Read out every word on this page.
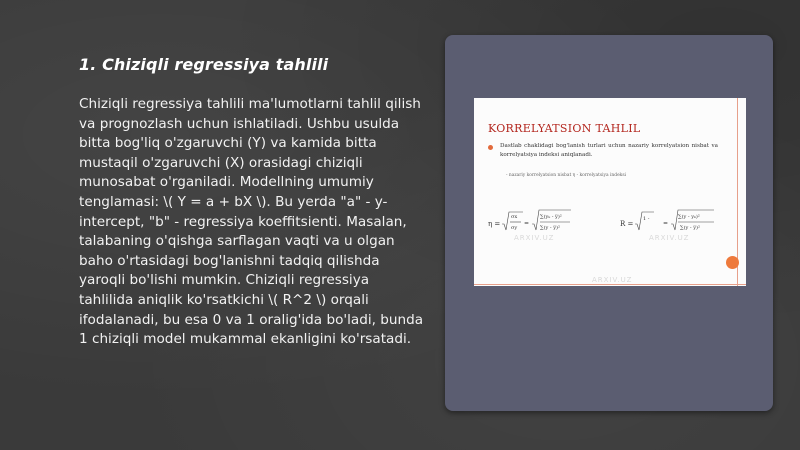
1. Chiziqli regressiya tahlili
Chiziqli regressiya tahlili ma'lumotlarni tahlil qilish va prognozlash uchun ishlatiladi. Ushbu usulda bitta bog'liq o'zgaruvchi (Y) va kamida bitta mustaqil o'zgaruvchi (X) orasidagi chiziqli munosabat o'rganiladi. Modellning umumiy tenglamasi: \( Y = a + bX \). Bu yerda "a" - y-intercept, "b" - regressiya koeffitsienti. Masalan, talabaning o'qishga sarflagan vaqti va u olgan baho o'rtasidagi bog'lanishni tadqiq qilishda yaroqli bo'lishi mumkin. Chiziqli regressiya tahlilida aniqlik ko'rsatkichi \( R^2 \) orqali ifodalanadi, bu esa 0 va 1 oralig'ida bo'ladi, bunda 1 chiziqli model mukammal ekanligini ko'rsatadi.
KORRELYATSION TAHLIL
Dastlab chaklidagi bog'lanish turlari uchun nazariy korrelyatsion nisbat va korrelyatsiya indeksi aniqlanadi.
- nazariy korrelyatsion nisbat η - korrelyatsiya indeksi
η =
σx
σy
=
∑(yₖ - y̅)²
∑(y - y̅)²	R =
1 -
=
∑(y - yₖ)²
∑(y - y̅)²
ARXIV.UZ	ARXIV.UZ
ARXIV.UZ
